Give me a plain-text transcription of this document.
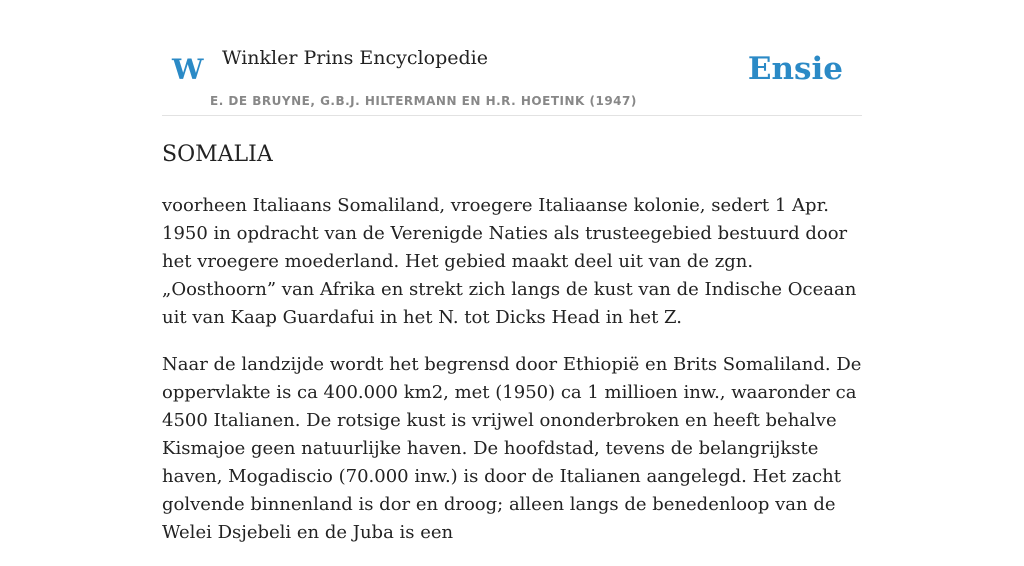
W Winkler Prins Encyclopedie	Ensie
E. DE BRUYNE, G.B.J. HILTERMANN EN H.R. HOETINK (1947)
SOMALIA

voorheen Italiaans Somaliland, vroegere Italiaanse kolonie, sedert 1 Apr. 1950 in opdracht van de Verenigde Naties als trusteegebied bestuurd door het vroegere moederland. Het gebied maakt deel uit van de zgn. „Oosthoorn” van Afrika en strekt zich langs de kust van de Indische Oceaan uit van Kaap Guardafui in het N. tot Dicks Head in het Z.

Naar de landzijde wordt het begrensd door Ethiopië en Brits Somaliland. De oppervlakte is ca 400.000 km2, met (1950) ca 1 millioen inw., waaronder ca 4500 Italianen. De rotsige kust is vrijwel ononderbroken en heeft behalve Kismajoe geen natuurlijke haven. De hoofdstad, tevens de belangrijkste haven, Mogadiscio (70.000 inw.) is door de Italianen aangelegd. Het zacht golvende binnenland is dor en droog; alleen langs de benedenloop van de Welei Dsjebeli en de Juba is een
